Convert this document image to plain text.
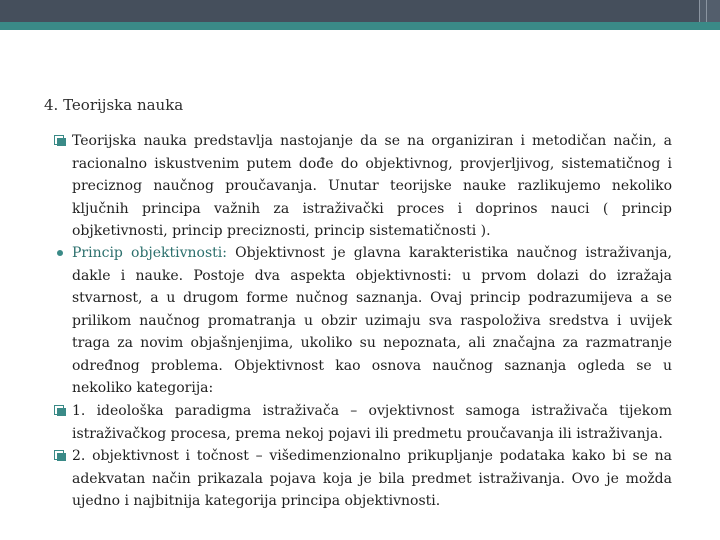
4. Teorijska nauka
Teorijska nauka predstavlja nastojanje da se na organiziran i metodičan način, a racionalno iskustvenim putem dođe do objektivnog, provjerljivog, sistematičnog i preciznog naučnog proučavanja. Unutar teorijske nauke razlikujemo nekoliko ključnih principa važnih za istraživački proces i doprinos nauci ( princip objketivnosti, princip preciznosti, princip sistematičnosti ).
Princip objektivnosti: Objektivnost je glavna karakteristika naučnog istraživanja, dakle i nauke. Postoje dva aspekta objektivnosti: u prvom dolazi do izražaja stvarnost, a u drugom forme nučnog saznanja. Ovaj princip podrazumijeva a se prilikom naučnog promatranja u obzir uzimaju sva raspoloživa sredstva i uvijek traga za novim objašnjenjima, ukoliko su nepoznata, ali značajna za razmatranje određnog problema. Objektivnost kao osnova naučnog saznanja ogleda se u nekoliko kategorija:
1. ideološka paradigma istraživača – ovjektivnost samoga istraživača tijekom istraživačkog procesa, prema nekoj pojavi ili predmetu proučavanja ili istraživanja.
2. objektivnost i točnost – višedimenzionalno prikupljanje podataka kako bi se na adekvatan način prikazala pojava koja je bila predmet istraživanja. Ovo je možda ujedno i najbitnija kategorija principa objektivnosti.
